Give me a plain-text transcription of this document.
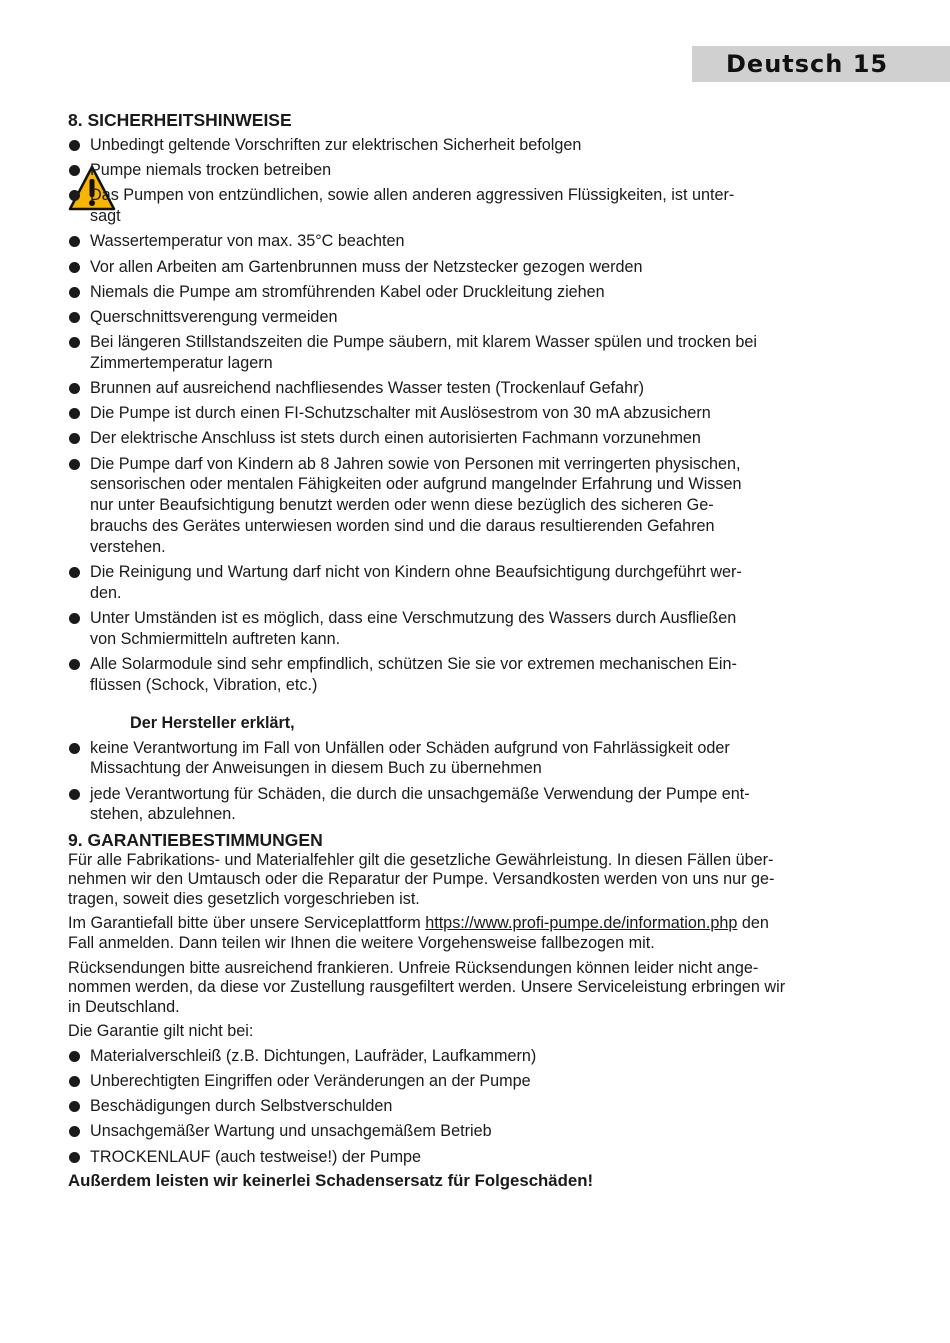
Deutsch 15
8. SICHERHEITSHINWEISE
Unbedingt geltende Vorschriften zur elektrischen Sicherheit befolgen
Pumpe niemals trocken betreiben
Das Pumpen von entzündlichen, sowie allen anderen aggressiven Flüssigkeiten, ist unter-
sagt
Wassertemperatur von max. 35°C beachten
Vor allen Arbeiten am Gartenbrunnen muss der Netzstecker gezogen werden
Niemals die Pumpe am stromführenden Kabel oder Druckleitung ziehen
Querschnittsverengung vermeiden
Bei längeren Stillstandszeiten die Pumpe säubern, mit klarem Wasser spülen und trocken bei
Zimmertemperatur lagern
Brunnen auf ausreichend nachfliesendes Wasser testen (Trockenlauf Gefahr)
Die Pumpe ist durch einen FI-Schutzschalter mit Auslösestrom von 30 mA abzusichern
Der elektrische Anschluss ist stets durch einen autorisierten Fachmann vorzunehmen
Die Pumpe darf von Kindern ab 8 Jahren sowie von Personen mit verringerten physischen,
sensorischen oder mentalen Fähigkeiten oder aufgrund mangelnder Erfahrung und Wissen
nur unter Beaufsichtigung benutzt werden oder wenn diese bezüglich des sicheren Ge-
brauchs des Gerätes unterwiesen worden sind und die daraus resultierenden Gefahren
verstehen.
Die Reinigung und Wartung darf nicht von Kindern ohne Beaufsichtigung durchgeführt wer-
den.
Unter Umständen ist es möglich, dass eine Verschmutzung des Wassers durch Ausfließen
von Schmiermitteln auftreten kann.
Alle Solarmodule sind sehr empfindlich, schützen Sie sie vor extremen mechanischen Ein-
flüssen (Schock, Vibration, etc.)
Der Hersteller erklärt,
keine Verantwortung im Fall von Unfällen oder Schäden aufgrund von Fahrlässigkeit oder
Missachtung der Anweisungen in diesem Buch zu übernehmen
jede Verantwortung für Schäden, die durch die unsachgemäße Verwendung der Pumpe ent-
stehen, abzulehnen.
9. GARANTIEBESTIMMUNGEN

Für alle Fabrikations- und Materialfehler gilt die gesetzliche Gewährleistung. In diesen Fällen über-
nehmen wir den Umtausch oder die Reparatur der Pumpe. Versandkosten werden von uns nur ge-
tragen, soweit dies gesetzlich vorgeschrieben ist.

Im Garantiefall bitte über unsere Serviceplattform https://www.profi-pumpe.de/information.php den
Fall anmelden. Dann teilen wir Ihnen die weitere Vorgehensweise fallbezogen mit.

Rücksendungen bitte ausreichend frankieren. Unfreie Rücksendungen können leider nicht ange-
nommen werden, da diese vor Zustellung rausgefiltert werden. Unsere Serviceleistung erbringen wir
in Deutschland.

Die Garantie gilt nicht bei:

Materialverschleiß (z.B. Dichtungen, Laufräder, Laufkammern)
Unberechtigten Eingriffen oder Veränderungen an der Pumpe
Beschädigungen durch Selbstverschulden
Unsachgemäßer Wartung und unsachgemäßem Betrieb
TROCKENLAUF (auch testweise!) der Pumpe

Außerdem leisten wir keinerlei Schadensersatz für Folgeschäden!
